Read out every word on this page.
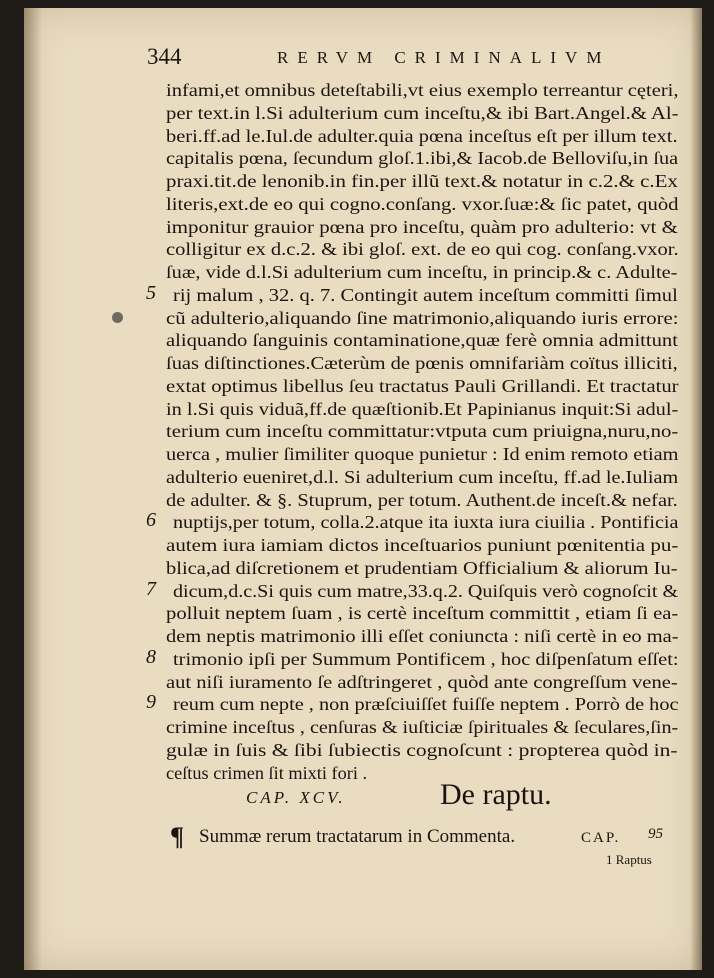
344	RERVM CRIMINALIVM
infami,et omnibus deteſtabili,vt eius exemplo terreantur cęteri,
per text.in l.Si adulterium cum inceſtu,& ibi Bart.Angel.& Al-
beri.ff.ad le.Iul.de adulter.quia pœna inceſtus eſt per illum text.
capitalis pœna, ſecundum gloſ.1.ibi,& Iacob.de Belloviſu,in ſua
praxi.tit.de lenonib.in fin.per illũ text.& notatur in c.2.& c.Ex
literis,ext.de eo qui cogno.conſang. vxor.ſuæ:& ſic patet, quòd
imponitur grauior pœna pro inceſtu, quàm pro adulterio: vt &
colligitur ex d.c.2. & ibi gloſ. ext. de eo qui cog. conſang.vxor.
ſuæ, vide d.l.Si adulterium cum inceſtu, in princip.& c. Adulte-
rij malum , 32. q. 7. Contingit autem inceſtum committi ſimul
cũ adulterio,aliquando ſine matrimonio,aliquando iuris errore:
aliquando ſanguinis contaminatione,quæ ferè omnia admittunt
ſuas diſtinctiones.Cæterùm de pœnis omnifariàm coïtus illiciti,
extat optimus libellus ſeu tractatus Pauli Grillandi. Et tractatur
in l.Si quis viduã,ff.de quæſtionib.Et Papinianus inquit:Si adul-
terium cum inceſtu committatur:vtputa cum priuigna,nuru,no-
uerca , mulier ſimiliter quoque punietur : Id enim remoto etiam
adulterio eueniret,d.l. Si adulterium cum inceſtu, ff.ad le.Iuliam
de adulter. & §. Stuprum, per totum. Authent.de inceſt.& nefar.
nuptijs,per totum, colla.2.atque ita iuxta iura ciuilia . Pontificia
autem iura iamiam dictos inceſtuarios puniunt pœnitentia pu-
blica,ad diſcretionem et prudentiam Officialium & aliorum Iu-
dicum,d.c.Si quis cum matre,33.q.2. Quiſquis verò cognoſcit &
polluit neptem ſuam , is certè inceſtum committit , etiam ſi ea-
dem neptis matrimonio illi eſſet coniuncta : niſi certè in eo ma-
trimonio ipſi per Summum Pontificem , hoc diſpenſatum eſſet:
aut niſi iuramento ſe adſtringeret , quòd ante congreſſum vene-
reum cum nepte , non præſciuiſſet fuiſſe neptem . Porrò de hoc
crimine inceſtus , cenſuras & iuſticiæ ſpirituales & ſeculares,ſin-
gulæ in ſuis & ſibi ſubiectis cognoſcunt : propterea quòd in-
ceſtus crimen ſit mixti fori .
5
6
7
8
9
CAP. XCV.	De raptu.
¶ Summæ rerum tractatarum in Commenta.	CAP. 95
1 Raptus
